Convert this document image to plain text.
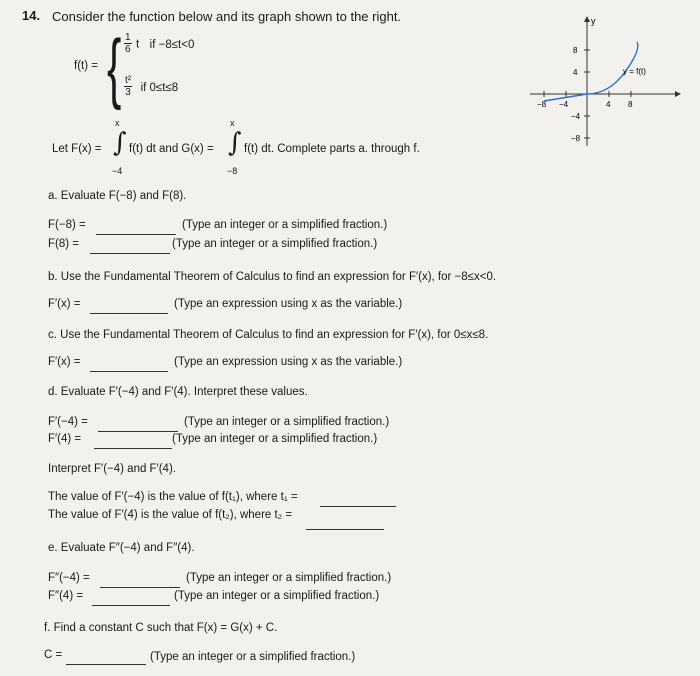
14. Consider the function below and its graph shown to the right.
f(t) = { $\frac{1}{6}$ t if −8≤t<0
$\frac{\text{t²}}{3}$ if 0≤t≤8
y
−8 −4	4 8
8
4
−4
−8
y = f(t)
Let F(x) =
x
∫
−4
f(t) dt and G(x) =
x
∫
−8
f(t) dt. Complete parts a. through f.
a. Evaluate F(−8) and F(8).
F(−8) =	(Type an integer or a simplified fraction.)
F(8) =	(Type an integer or a simplified fraction.)
b. Use the Fundamental Theorem of Calculus to find an expression for F′(x), for −8≤x<0.
F′(x) =	(Type an expression using x as the variable.)
c. Use the Fundamental Theorem of Calculus to find an expression for F′(x), for 0≤x≤8.
F′(x) =	(Type an expression using x as the variable.)
d. Evaluate F′(−4) and F′(4). Interpret these values.
F′(−4) =	(Type an integer or a simplified fraction.)
F′(4) =	(Type an integer or a simplified fraction.)
Interpret F′(−4) and F′(4).
The value of F′(−4) is the value of f(t₁), where t₁ =
The value of F′(4) is the value of f(t₂), where t₂ =
e. Evaluate F″(−4) and F″(4).
F″(−4) =	(Type an integer or a simplified fraction.)
F″(4) =	(Type an integer or a simplified fraction.)
f. Find a constant C such that F(x) = G(x) + C.
C =	(Type an integer or a simplified fraction.)
